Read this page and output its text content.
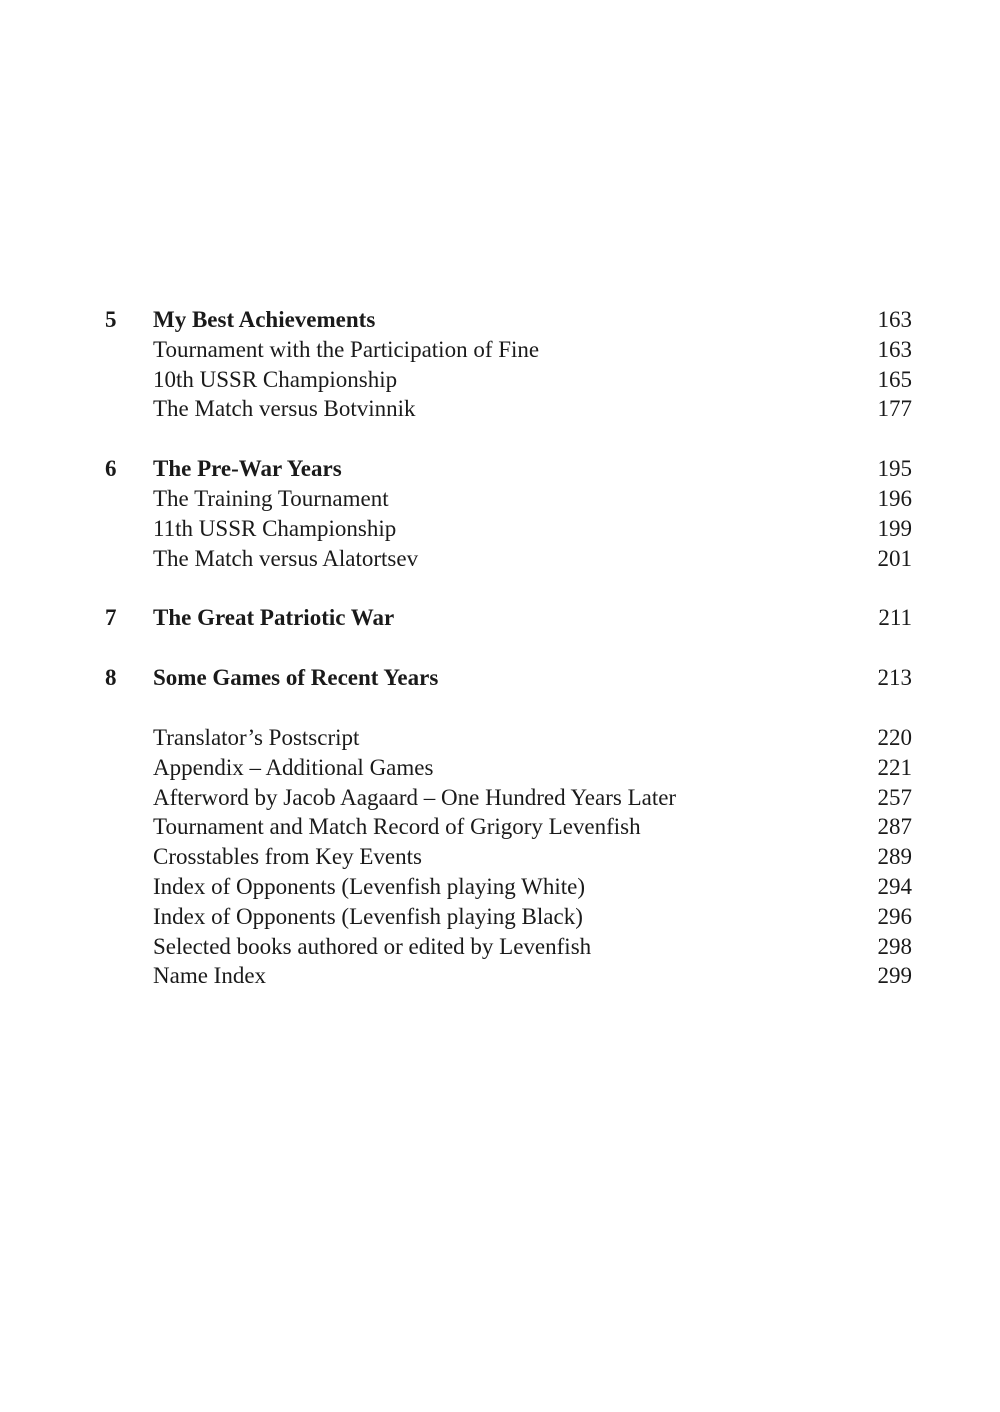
5 My Best Achievements	163
Tournament with the Participation of Fine	163
10th USSR Championship	165
The Match versus Botvinnik	177
6 The Pre-War Years	195
The Training Tournament	196
11th USSR Championship	199
The Match versus Alatortsev	201
7 The Great Patriotic War	211
8 Some Games of Recent Years	213
Translator’s Postscript	220
Appendix – Additional Games	221
Afterword by Jacob Aagaard – One Hundred Years Later	257
Tournament and Match Record of Grigory Levenfish	287
Crosstables from Key Events	289
Index of Opponents (Levenfish playing White)	294
Index of Opponents (Levenfish playing Black)	296
Selected books authored or edited by Levenfish	298
Name Index	299
